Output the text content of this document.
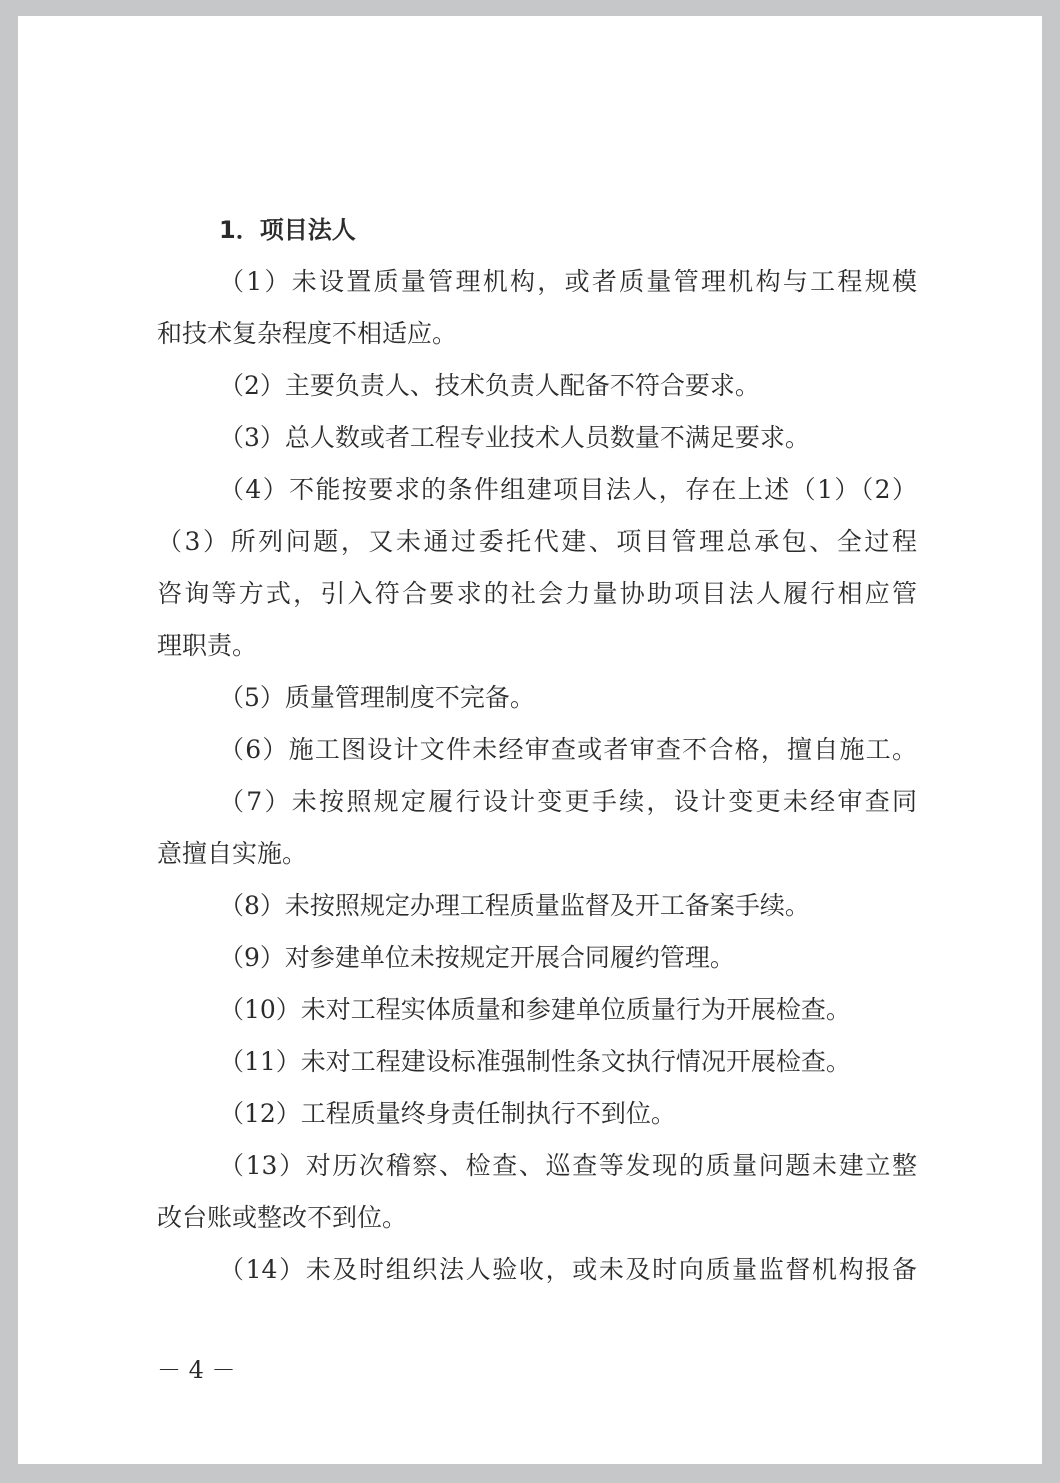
1．项目法人
（1）未设置质量管理机构，或者质量管理机构与工程规模
和技术复杂程度不相适应。
（2）主要负责人、技术负责人配备不符合要求。
（3）总人数或者工程专业技术人员数量不满足要求。
（4）不能按要求的条件组建项目法人，存在上述（1）（2）
（3）所列问题，又未通过委托代建、项目管理总承包、全过程
咨询等方式，引入符合要求的社会力量协助项目法人履行相应管
理职责。
（5）质量管理制度不完备。
（6）施工图设计文件未经审查或者审查不合格，擅自施工。
（7）未按照规定履行设计变更手续，设计变更未经审查同
意擅自实施。
（8）未按照规定办理工程质量监督及开工备案手续。
（9）对参建单位未按规定开展合同履约管理。
（10）未对工程实体质量和参建单位质量行为开展检查。
（11）未对工程建设标准强制性条文执行情况开展检查。
（12）工程质量终身责任制执行不到位。
（13）对历次稽察、检查、巡查等发现的质量问题未建立整
改台账或整改不到位。
（14）未及时组织法人验收，或未及时向质量监督机构报备
－ 4 －
